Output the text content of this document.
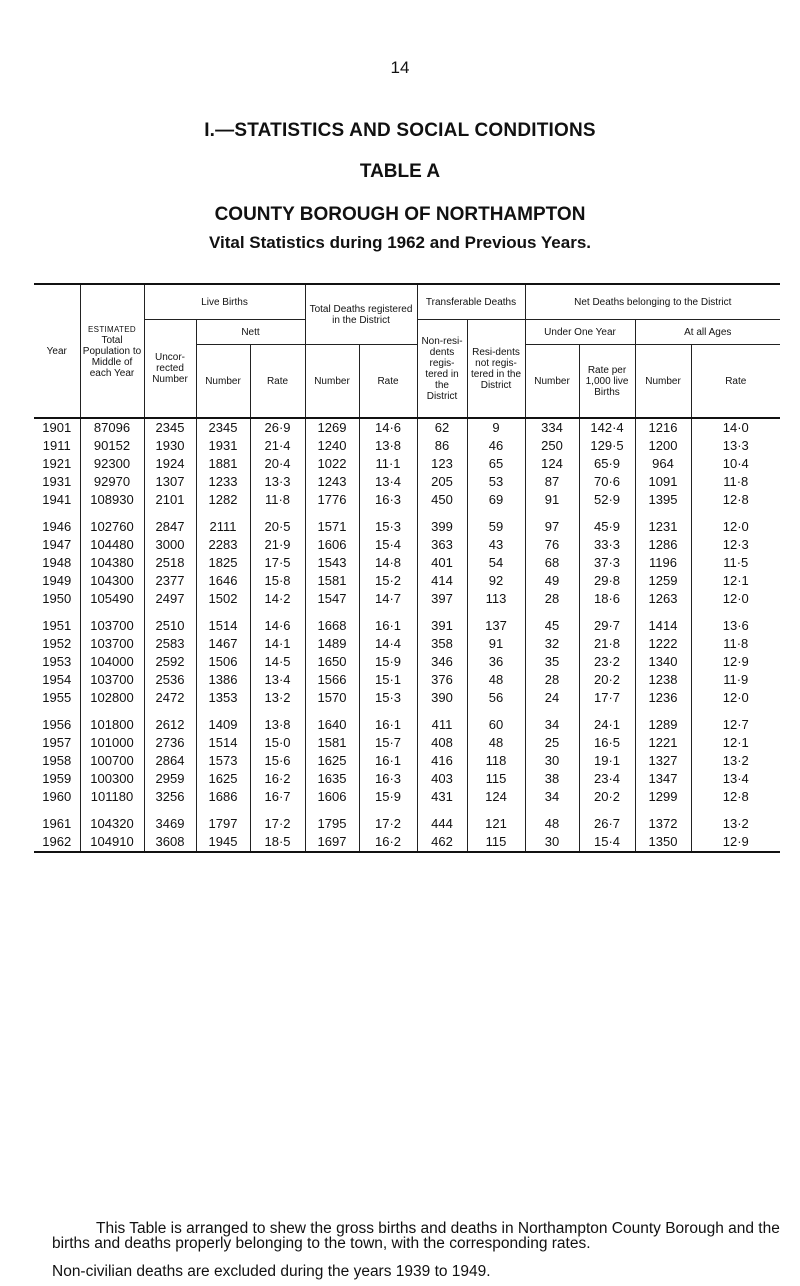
14
I.—STATISTICS AND SOCIAL CONDITIONS
TABLE A
COUNTY BOROUGH OF NORTHAMPTON
Vital Statistics during 1962 and Previous Years.
Year	ESTIMATED
Total Population to Middle of each Year	Live Births			Total Deaths registered in the District		Transferable Deaths		Net Deaths belonging to the District			
		Uncor-rected Number	Nett				Non-resi-dents regis-tered in the District	Resi-dents not regis-tered in the District	Under One Year		At all Ages	
			Number	Rate	Number	Rate			Number	Rate per 1,000 live Births	Number	Rate
1901	87096	2345	2345	26·9	1269	14·6	62	9	334	142·4	1216	14·0
1911	90152	1930	1931	21·4	1240	13·8	86	46	250	129·5	1200	13·3
1921	92300	1924	1881	20·4	1022	11·1	123	65	124	65·9	964	10·4
1931	92970	1307	1233	13·3	1243	13·4	205	53	87	70·6	1091	11·8
1941	108930	2101	1282	11·8	1776	16·3	450	69	91	52·9	1395	12·8
1946	102760	2847	2111	20·5	1571	15·3	399	59	97	45·9	1231	12·0
1947	104480	3000	2283	21·9	1606	15·4	363	43	76	33·3	1286	12·3
1948	104380	2518	1825	17·5	1543	14·8	401	54	68	37·3	1196	11·5
1949	104300	2377	1646	15·8	1581	15·2	414	92	49	29·8	1259	12·1
1950	105490	2497	1502	14·2	1547	14·7	397	113	28	18·6	1263	12·0
1951	103700	2510	1514	14·6	1668	16·1	391	137	45	29·7	1414	13·6
1952	103700	2583	1467	14·1	1489	14·4	358	91	32	21·8	1222	11·8
1953	104000	2592	1506	14·5	1650	15·9	346	36	35	23·2	1340	12·9
1954	103700	2536	1386	13·4	1566	15·1	376	48	28	20·2	1238	11·9
1955	102800	2472	1353	13·2	1570	15·3	390	56	24	17·7	1236	12·0
1956	101800	2612	1409	13·8	1640	16·1	411	60	34	24·1	1289	12·7
1957	101000	2736	1514	15·0	1581	15·7	408	48	25	16·5	1221	12·1
1958	100700	2864	1573	15·6	1625	16·1	416	118	30	19·1	1327	13·2
1959	100300	2959	1625	16·2	1635	16·3	403	115	38	23·4	1347	13·4
1960	101180	3256	1686	16·7	1606	15·9	431	124	34	20·2	1299	12·8
1961	104320	3469	1797	17·2	1795	17·2	444	121	48	26·7	1372	13·2
1962	104910	3608	1945	18·5	1697	16·2	462	115	30	15·4	1350	12·9
This Table is arranged to shew the gross births and deaths in Northampton County Borough and the births and deaths properly belonging to the town, with the corresponding rates.
Non-civilian deaths are excluded during the years 1939 to 1949.
